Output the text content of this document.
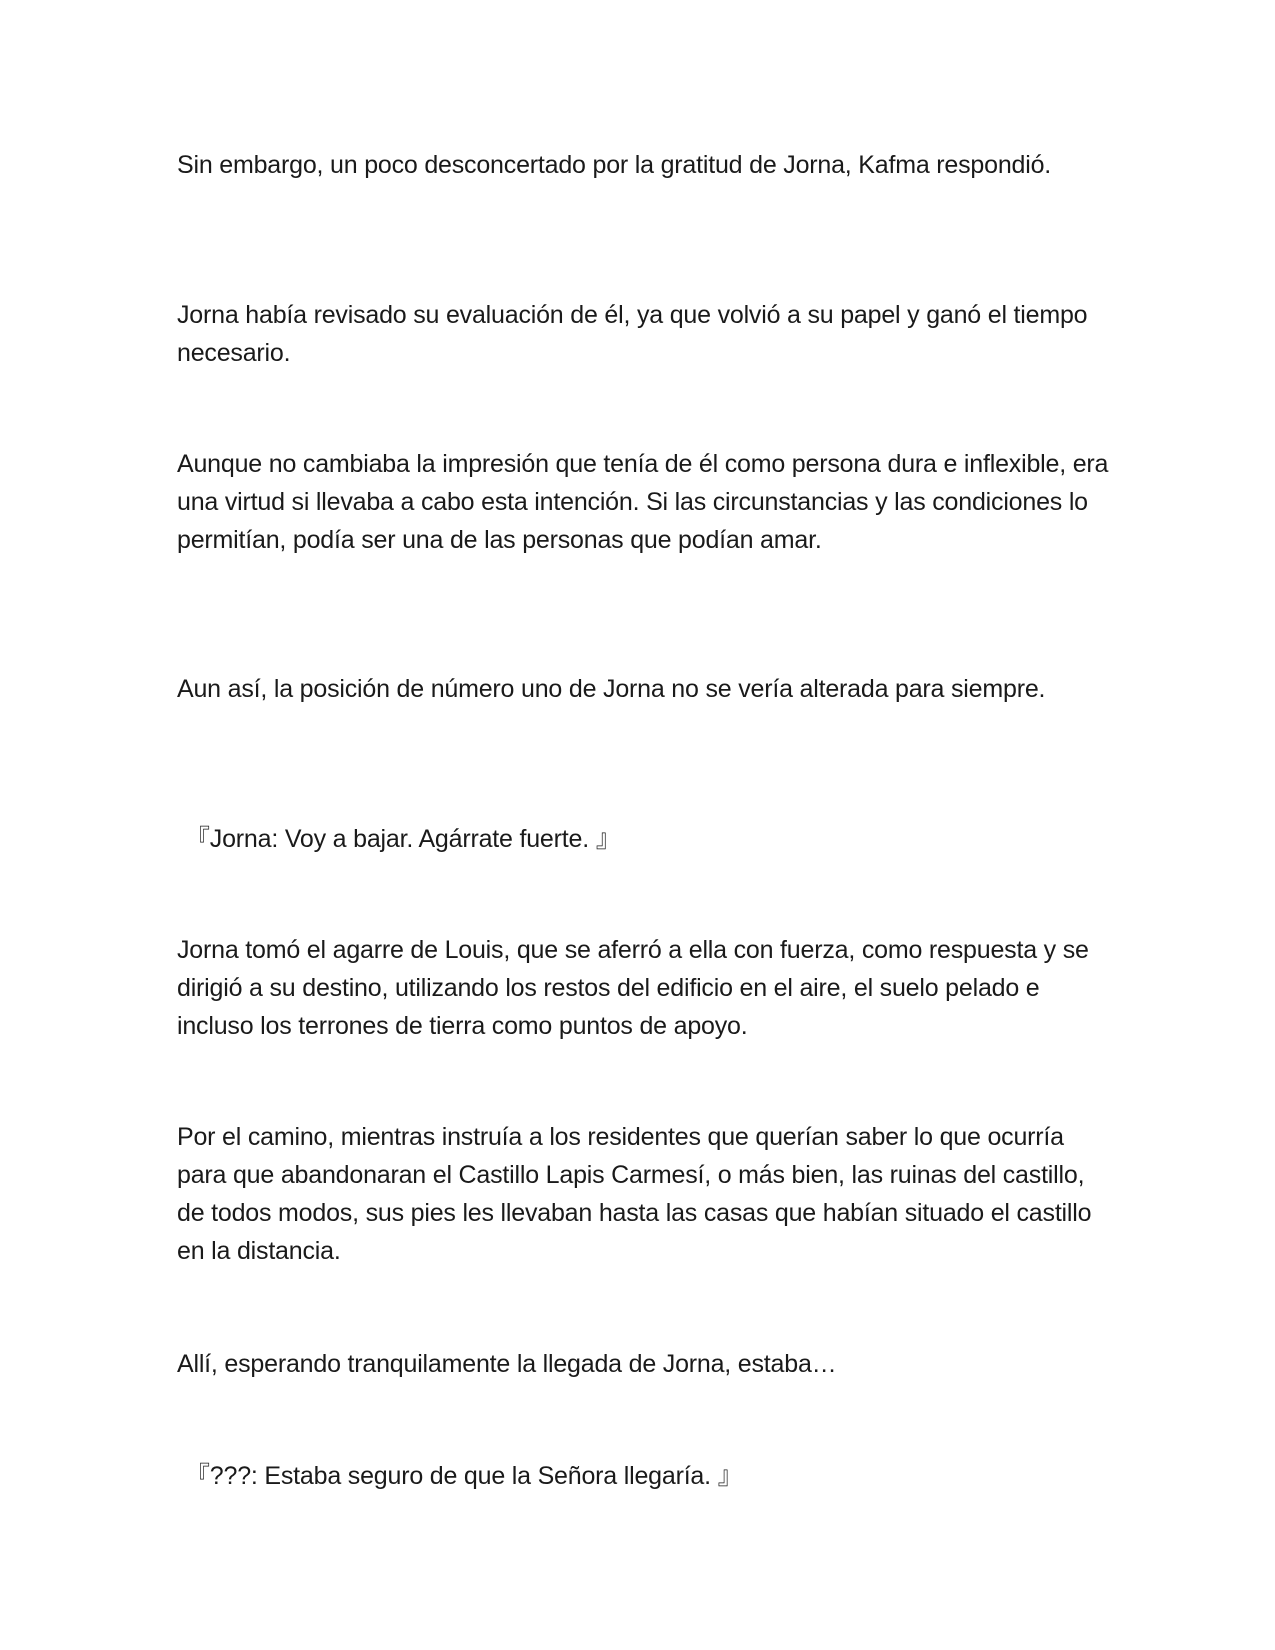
Sin embargo, un poco desconcertado por la gratitud de Jorna, Kafma respondió.

Jorna había revisado su evaluación de él, ya que volvió a su papel y ganó el tiempo necesario.

Aunque no cambiaba la impresión que tenía de él como persona dura e inflexible, era una virtud si llevaba a cabo esta intención. Si las circunstancias y las condiciones lo permitían, podía ser una de las personas que podían amar.

Aun así, la posición de número uno de Jorna no se vería alterada para siempre.

『Jorna: Voy a bajar. Agárrate fuerte. 』

Jorna tomó el agarre de Louis, que se aferró a ella con fuerza, como respuesta y se dirigió a su destino, utilizando los restos del edificio en el aire, el suelo pelado e incluso los terrones de tierra como puntos de apoyo.

Por el camino, mientras instruía a los residentes que querían saber lo que ocurría para que abandonaran el Castillo Lapis Carmesí, o más bien, las ruinas del castillo, de todos modos, sus pies les llevaban hasta las casas que habían situado el castillo en la distancia.

Allí, esperando tranquilamente la llegada de Jorna, estaba…

『???: Estaba seguro de que la Señora llegaría. 』
